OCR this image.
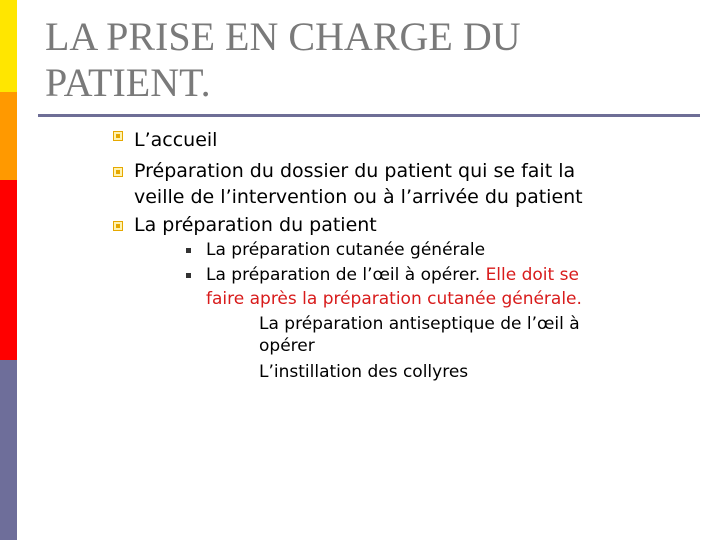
LA PRISE EN CHARGE DU
PATIENT.
L’accueil
Préparation du dossier du patient qui se fait la
veille de l’intervention ou à l’arrivée du patient
La préparation du patient
La préparation cutanée générale
La préparation de l’œil à opérer. Elle doit se
faire après la préparation cutanée générale.
La préparation antiseptique de l’œil à
opérer
L’instillation des collyres
